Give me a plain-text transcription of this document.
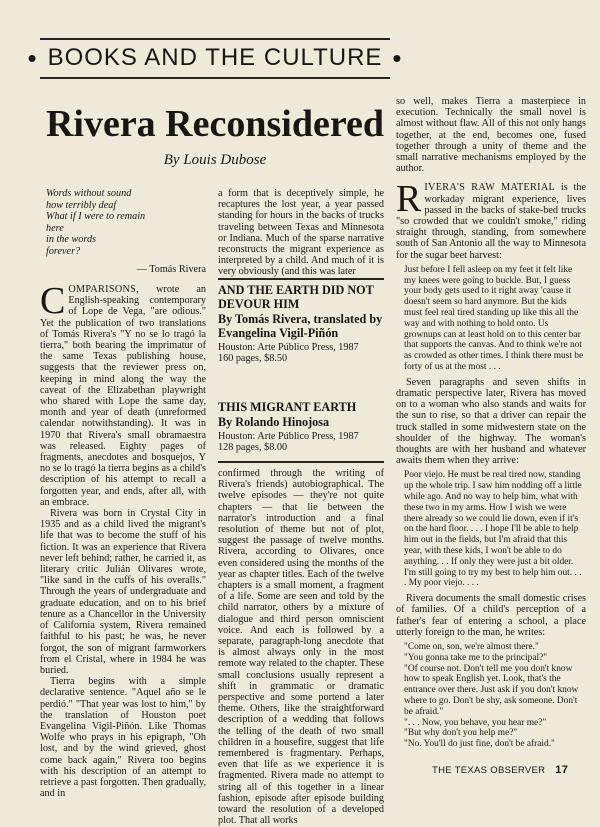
• BOOKS AND THE CULTURE •
Rivera Reconsidered
By Louis Dubose
Words without sound
how terribly deaf
What if I were to remain
here
in the words
forever?
— Tomás Rivera

COMPARISONS, wrote an English-speaking contemporary of Lope de Vega, "are odious." Yet the publication of two translations of Tomás Rivera's "Y no se lo tragó la tierra," both bearing the imprimatur of the same Texas publishing house, suggests that the reviewer press on, keeping in mind along the way the caveat of the Elizabethan playwright who shared with Lope the same day, month and year of death (unreformed calendar notwithstanding). It was in 1970 that Rivera's small obramaestra was released. Eighty pages of fragments, anecdotes and bosquejos, Y no se lo tragó la tierra begins as a child's description of his attempt to recall a forgotten year, and ends, after all, with an embrace.

Rivera was born in Crystal City in 1935 and as a child lived the migrant's life that was to become the stuff of his fiction. It was an experience that Rivera never left behind; rather, he carried it, as literary critic Julián Olivares wrote, "like sand in the cuffs of his overalls." Through the years of undergraduate and graduate education, and on to his brief tenure as a Chancellor in the University of California system, Rivera remained faithful to his past; he was, he never forgot, the son of migrant farmworkers from el Cristal, where in 1984 he was buried.

Tierra begins with a simple declarative sentence. "Aquel año se le perdió." "That year was lost to him," by the translation of Houston poet Evangelina Vigil-Piñón. Like Thomas Wolfe who prays in his epigraph, "Oh lost, and by the wind grieved, ghost come back again," Rivera too begins with his description of an attempt to retrieve a past forgotten. Then gradually, and in

a form that is deceptively simple, he recaptures the lost year, a year passed standing for hours in the backs of trucks traveling between Texas and Minnesota or Indiana. Much of the sparse narrative reconstructs the migrant experience as interpreted by a child. And much of it is very obviously (and this was later

AND THE EARTH DID NOT DEVOUR HIM
By Tomás Rivera, translated by Evangelina Vigil-Piñón
Houston: Arte Público Press, 1987
160 pages, $8.50
THIS MIGRANT EARTH
By Rolando Hinojosa
Houston: Arte Público Press, 1987
128 pages, $8.00

confirmed through the writing of Rivera's friends) autobiographical. The twelve episodes — they're not quite chapters — that lie between the narrator's introduction and a final resolution of theme but not of plot, suggest the passage of twelve months. Rivera, according to Olivares, once even considered using the months of the year as chapter titles. Each of the twelve chapters is a small moment, a fragment of a life. Some are seen and told by the child narrator, others by a mixture of dialogue and third person omniscient voice. And each is followed by a separate, paragraph-long anecdote that is almost always only in the most remote way related to the chapter. These small conclusions usually represent a shift in grammatic or dramatic perspective and some portend a later theme. Others, like the straightforward description of a wedding that follows the telling of the death of two small children in a housefire, suggest that life remembered is fragmentary. Perhaps, even that life as we experience it is fragmented. Rivera made no attempt to string all of this together in a linear fashion, episode after episode building toward the resolution of a developed plot. That all works

so well, makes Tierra a masterpiece in execution. Technically the small novel is almost without flaw. All of this not only hangs together, at the end, becomes one, fused together through a unity of theme and the small narrative mechanisms employed by the author.

RIVERA'S RAW MATERIAL is the workaday migrant experience, lives passed in the backs of stake-bed trucks "so crowded that we couldn't smoke," riding straight through, standing, from somewhere south of San Antonio all the way to Minnesota for the sugar beet harvest:

Just before I fell asleep on my feet it felt like my knees were going to buckle. But, I guess your body gets used to it right away 'cause it doesn't seem so hard anymore. But the kids must feel real tired standing up like this all the way and with nothing to hold onto. Us grownups can at least hold on to this center bar that supports the canvas. And to think we're not as crowded as other times. I think there must be forty of us at the most . . .

Seven paragraphs and seven shifts in dramatic perspective later, Rivera has moved on to a woman who also stands and waits for the sun to rise, so that a driver can repair the truck stalled in some midwestern state on the shoulder of the highway. The woman's thoughts are with her husband and whatever awaits them when they arrive:

Poor viejo. He must be real tired now, standing up the whole trip. I saw him nodding off a little while ago. And no way to help him, what with these two in my arms. How I wish we were there already so we could lie down, even if it's on the hard floor. . . . I hope I'll be able to help him out in the fields, but I'm afraid that this year, with these kids, I won't be able to do anything. . . If only they were just a bit older. I'm still going to try my best to help him out. . . . My poor viejo. . . .

Rivera documents the small domestic crises of families. Of a child's perception of a father's fear of entering a school, a place utterly foreign to the man, he writes:

"Come on, son, we're almost there."

"You gonna take me to the principal?"

"Of course not. Don't tell me you don't know how to speak English yet. Look, that's the entrance over there. Just ask if you don't know where to go. Don't be shy, ask someone. Don't be afraid."

". . . Now, you behave, you hear me?"

"But why don't you help me?"

"No. You'll do just fine, don't be afraid."

THE TEXAS OBSERVER 17
